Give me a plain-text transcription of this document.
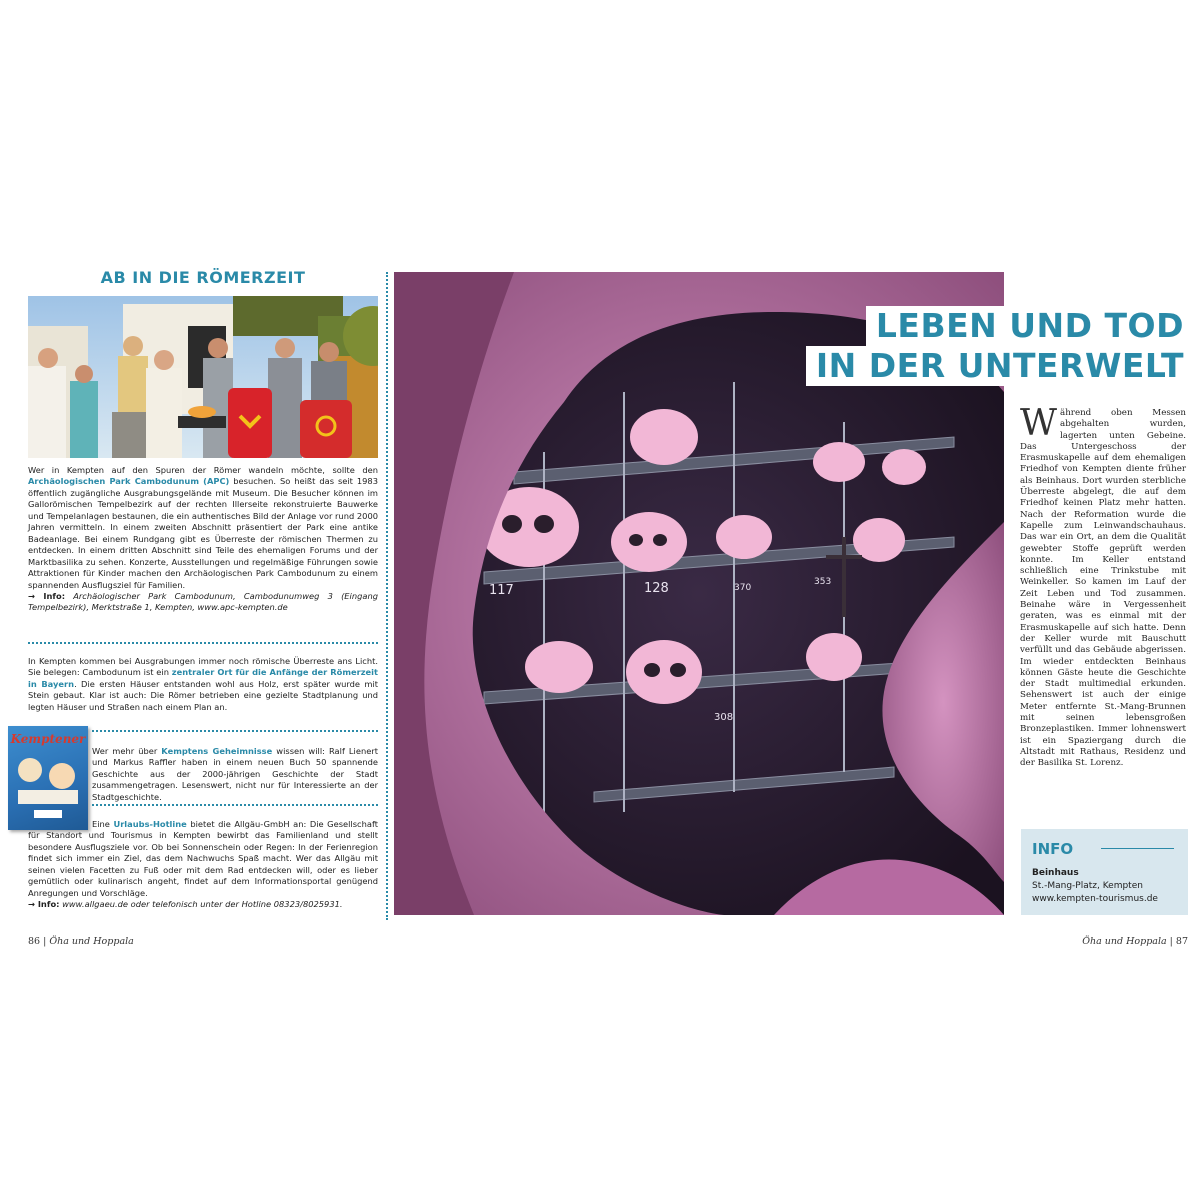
AB IN DIE RÖMERZEIT
Wer in Kempten auf den Spuren der Römer wandeln möchte, sollte den Archäologischen Park Cambodunum (APC) besuchen. So heißt das seit 1983 öffentlich zugängliche Ausgrabungsgelände mit Museum. Die Besucher können im Gallorömischen Tempelbezirk auf der rechten Illerseite rekonstruierte Bauwerke und Tempelanlagen bestaunen, die ein authentisches Bild der Anlage vor rund 2000 Jahren vermitteln. In einem zweiten Abschnitt präsentiert der Park eine antike Badeanlage. Bei einem Rundgang gibt es Überreste der römischen Thermen zu entdecken. In einem dritten Abschnitt sind Teile des ehemaligen Forums und der Marktbasilika zu sehen. Konzerte, Ausstellungen und regelmäßige Führungen sowie Attraktionen für Kinder machen den Archäologischen Park Cambodunum zu einem spannenden Ausflugsziel für Familien.
→ Info: Archäologischer Park Cambodunum, Cambodunumweg 3 (Eingang Tempelbezirk), Merktstraße 1, Kempten, www.apc-kempten.de
In Kempten kommen bei Ausgrabungen immer noch römische Überreste ans Licht. Sie belegen: Cambodunum ist ein zentraler Ort für die Anfänge der Römerzeit in Bayern. Die ersten Häuser entstanden wohl aus Holz, erst später wurde mit Stein gebaut. Klar ist auch: Die Römer betrieben eine gezielte Stadtplanung und legten Häuser und Straßen nach einem Plan an.
Kemptener
Wer mehr über Kemptens Geheimnisse wissen will: Ralf Lienert und Markus Raffler haben in einem neuen Buch 50 spannende Geschichte aus der 2000-jährigen Geschichte der Stadt zusammengetragen. Lesenswert, nicht nur für Interessierte an der Stadtgeschichte.
Eine Urlaubs-Hotline bietet die Allgäu-GmbH an: Die Gesellschaft für Standort und Tourismus in Kempten bewirbt das Familienland und stellt besondere Ausflugsziele vor. Ob bei Sonnenschein oder Regen: In der Ferienregion findet sich immer ein Ziel, das dem Nachwuchs Spaß macht. Wer das Allgäu mit seinen vielen Facetten zu Fuß oder mit dem Rad entdecken will, oder es lieber gemütlich oder kulinarisch angeht, findet auf dem Informationsportal genügend Anregungen und Vorschläge.
→ Info: www.allgaeu.de oder telefonisch unter der Hotline 08323/8025931.
86 | Öha und Hoppala
117	128	370
353
308
LEBEN UND TOD
IN DER UNTERWELT
Während oben Messen abgehalten wurden, lagerten unten Gebeine. Das Untergeschoss der Erasmuskapelle auf dem ehemaligen Friedhof von Kempten diente früher als Beinhaus. Dort wurden sterbliche Überreste abgelegt, die auf dem Friedhof keinen Platz mehr hatten. Nach der Reformation wurde die Kapelle zum Leinwandschauhaus. Das war ein Ort, an dem die Qualität gewebter Stoffe geprüft werden konnte. Im Keller entstand schließlich eine Trinkstube mit Weinkeller. So kamen im Lauf der Zeit Leben und Tod zusammen. Beinahe wäre in Vergessenheit geraten, was es einmal mit der Erasmuskapelle auf sich hatte. Denn der Keller wurde mit Bauschutt verfüllt und das Gebäude abgerissen. Im wieder entdeckten Beinhaus können Gäste heute die Geschichte der Stadt multimedial erkunden. Sehenswert ist auch der einige Meter entfernte St.-Mang-Brunnen mit seinen lebensgroßen Bronzeplastiken. Immer lohnenswert ist ein Spaziergang durch die Altstadt mit Rathaus, Residenz und der Basilika St. Lorenz.
INFO
Beinhaus
St.-Mang-Platz, Kempten
www.kempten-tourismus.de
Öha und Hoppala | 87
